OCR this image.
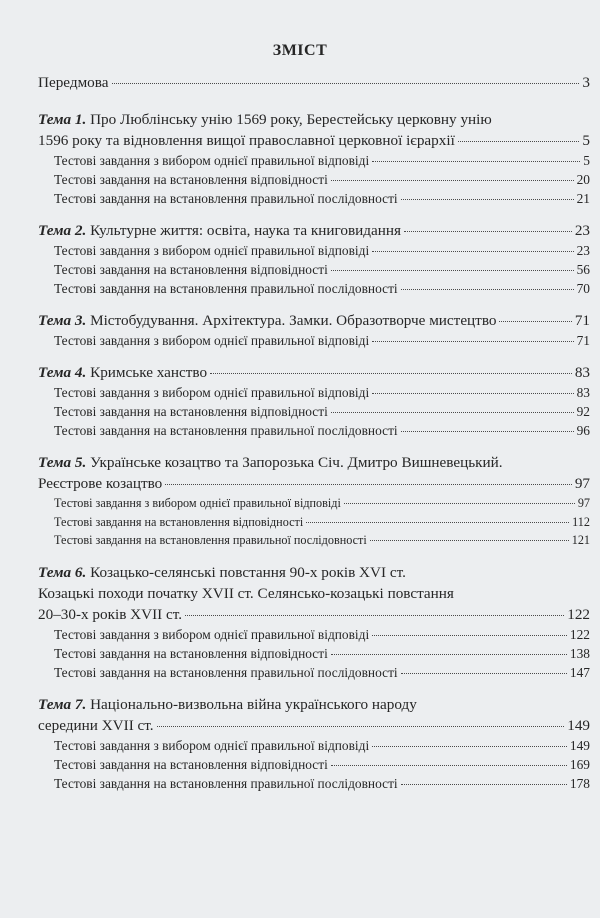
ЗМІСТ
Передмова	3
Тема 1. Про Люблінську унію 1569 року, Берестейську церковну унію
1596 року та відновлення вищої православної церковної ієрархії	5
Тестові завдання з вибором однієї правильної відповіді	5
Тестові завдання на встановлення відповідності	20
Тестові завдання на встановлення правильної послідовності	21
Тема 2. Культурне життя: освіта, наука та книговидання	23
Тестові завдання з вибором однієї правильної відповіді	23
Тестові завдання на встановлення відповідності	56
Тестові завдання на встановлення правильної послідовності	70
Тема 3. Містобудування. Архітектура. Замки. Образотворче мистецтво	71
Тестові завдання з вибором однієї правильної відповіді	71
Тема 4. Кримське ханство	83
Тестові завдання з вибором однієї правильної відповіді	83
Тестові завдання на встановлення відповідності	92
Тестові завдання на встановлення правильної послідовності	96
Тема 5. Українське козацтво та Запорозька Січ. Дмитро Вишневецький.
Реєстрове козацтво	97
Тестові завдання з вибором однієї правильної відповіді	97
Тестові завдання на встановлення відповідності	112
Тестові завдання на встановлення правильної послідовності	121
Тема 6. Козацько-селянські повстання 90-х років XVI ст.
Козацькі походи початку XVII ст. Селянсько-козацькі повстання
20–30-х років XVII ст.	122
Тестові завдання з вибором однієї правильної відповіді	122
Тестові завдання на встановлення відповідності	138
Тестові завдання на встановлення правильної послідовності	147
Тема 7. Національно-визвольна війна українського народу
середини XVII ст.	149
Тестові завдання з вибором однієї правильної відповіді	149
Тестові завдання на встановлення відповідності	169
Тестові завдання на встановлення правильної послідовності	178
